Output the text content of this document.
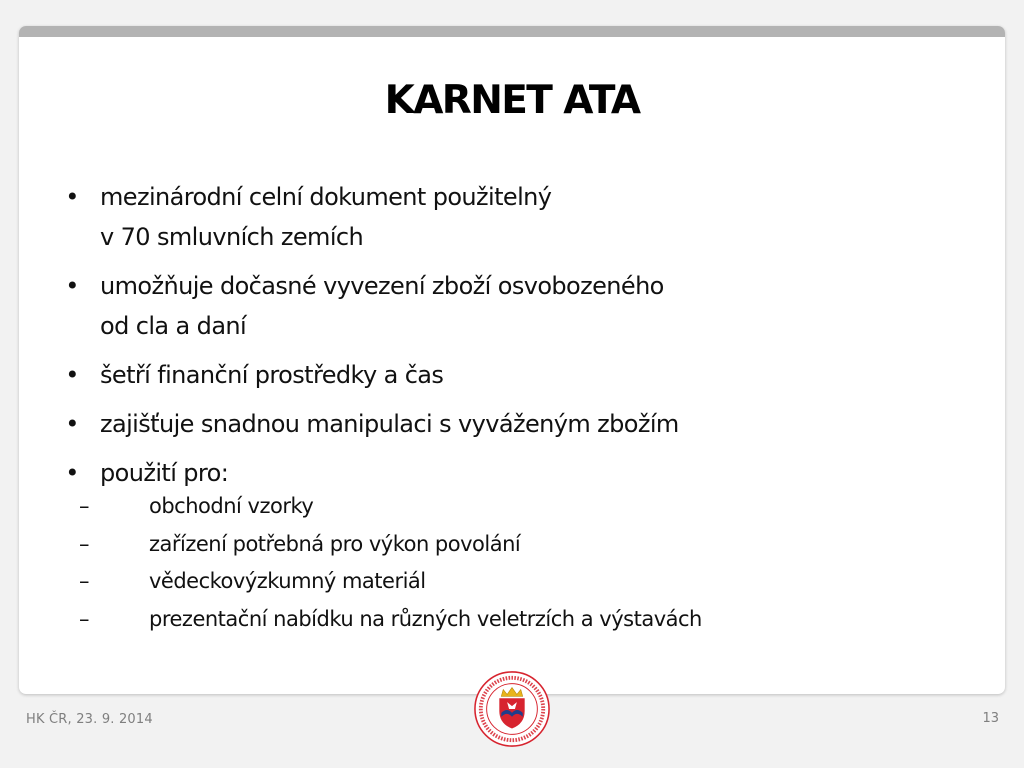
KARNET ATA
• mezinárodní celní dokument použitelný
v 70 smluvních zemích
• umožňuje dočasné vyvezení zboží osvobozeného
od cla a daní
• šetří finanční prostředky a čas
• zajišťuje snadnou manipulaci s vyváženým zbožím
• použití pro:
–	obchodní vzorky
–	zařízení potřebná pro výkon povolání
–	vědeckovýzkumný materiál
–	prezentační nabídku na různých veletrzích a výstavách
HK ČR, 23. 9. 2014	13
